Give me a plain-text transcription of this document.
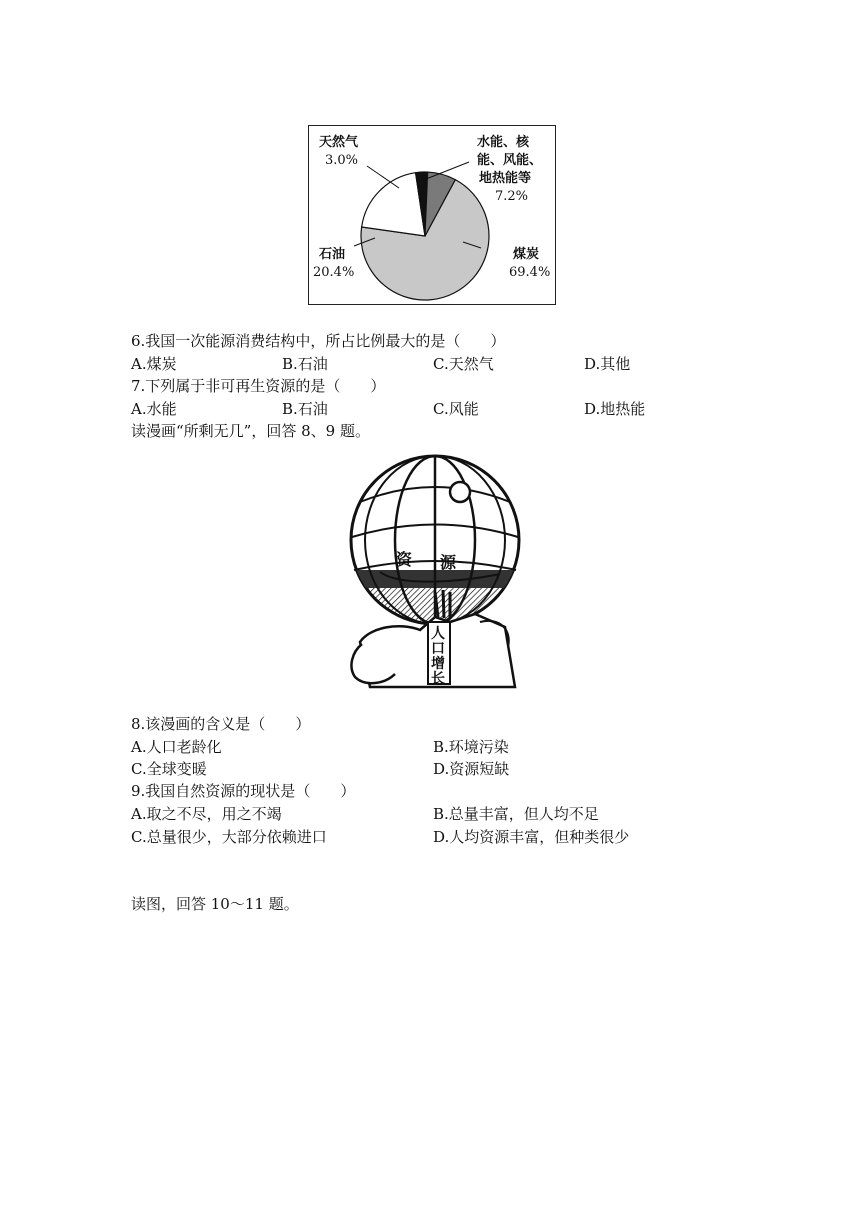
天然气
3.0%
水能、核
能、风能、
地热能等
7.2%
石油
20.4%
煤炭
69.4%
6.我国一次能源消费结构中，所占比例最大的是（　　）
A.煤炭	B.石油	C.天然气	D.其他
7.下列属于非可再生资源的是（　　）
A.水能	B.石油	C.风能	D.地热能
读漫画“所剩无几”，回答 8、9 题。
资 源
人
口
增
长
8.该漫画的含义是（　　）
A.人口老龄化	B.环境污染
C.全球变暖	D.资源短缺
9.我国自然资源的现状是（　　）
A.取之不尽，用之不竭	B.总量丰富，但人均不足
C.总量很少，大部分依赖进口	D.人均资源丰富，但种类很少
读图，回答 10～11 题。
